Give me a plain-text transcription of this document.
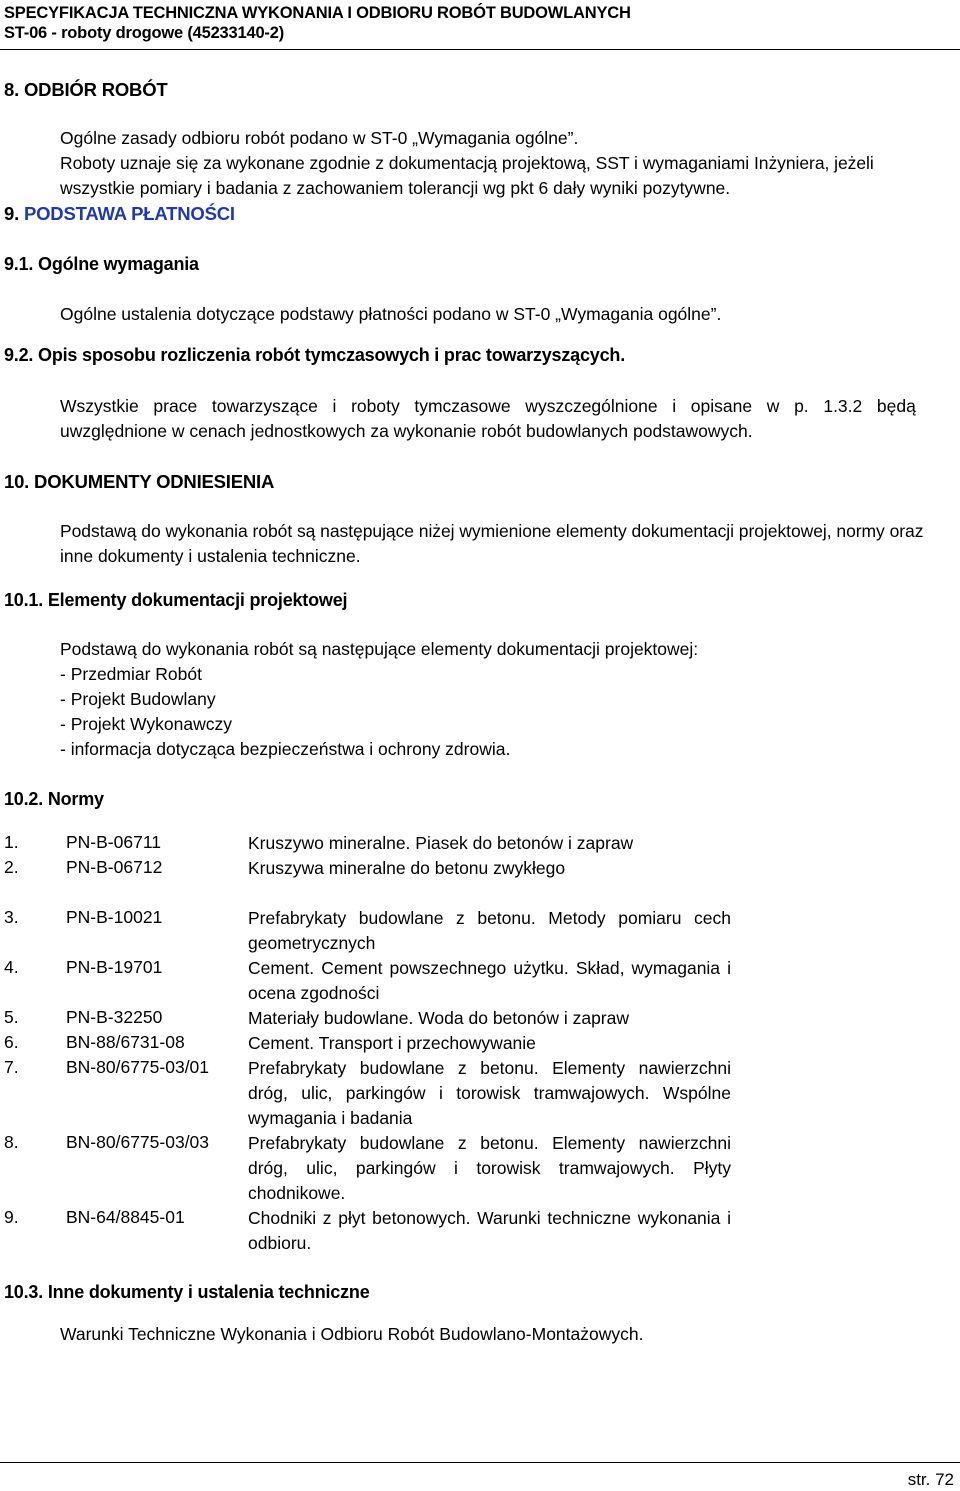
SPECYFIKACJA TECHNICZNA WYKONANIA I ODBIORU ROBÓT BUDOWLANYCH
ST-06 - roboty drogowe (45233140-2)
8. ODBIÓR ROBÓT
Ogólne zasady odbioru robót podano w ST-0 „Wymagania ogólne”.
Roboty uznaje się za wykonane zgodnie z dokumentacją projektową, SST i wymaganiami Inżyniera, jeżeli
wszystkie pomiary i badania z zachowaniem tolerancji wg pkt 6 dały wyniki pozytywne.
9. PODSTAWA PŁATNOŚCI
9.1. Ogólne wymagania
Ogólne ustalenia dotyczące podstawy płatności podano w ST-0 „Wymagania ogólne”.
9.2. Opis sposobu rozliczenia robót tymczasowych i prac towarzyszących.
Wszystkie prace towarzyszące i roboty tymczasowe wyszczególnione i opisane w p. 1.3.2 będą
uwzględnione w cenach jednostkowych za wykonanie robót budowlanych podstawowych.
10. DOKUMENTY ODNIESIENIA
Podstawą do wykonania robót są następujące niżej wymienione elementy dokumentacji projektowej, normy oraz
inne dokumenty i ustalenia techniczne.
10.1. Elementy dokumentacji projektowej
Podstawą do wykonania robót są następujące elementy dokumentacji projektowej:
- Przedmiar Robót
- Projekt Budowlany
- Projekt Wykonawczy
- informacja dotycząca bezpieczeństwa i ochrony zdrowia.
10.2. Normy
1.	PN-B-06711	Kruszywo mineralne. Piasek do betonów i zapraw
2.	PN-B-06712	Kruszywa mineralne do betonu zwykłego
3.	PN-B-10021	Prefabrykaty budowlane z betonu. Metody pomiaru cech geometrycznych
4.	PN-B-19701	Cement. Cement powszechnego użytku. Skład, wymagania i ocena zgodności
5.	PN-B-32250	Materiały budowlane. Woda do betonów i zapraw
6.	BN-88/6731-08	Cement. Transport i przechowywanie
7.	BN-80/6775-03/01 Prefabrykaty budowlane z betonu. Elementy nawierzchni dróg, ulic, parkingów i torowisk tramwajowych. Wspólne wymagania i badania
8.	BN-80/6775-03/03 Prefabrykaty budowlane z betonu. Elementy nawierzchni dróg, ulic, parkingów i torowisk tramwajowych. Płyty chodnikowe.
9.	BN-64/8845-01	Chodniki z płyt betonowych. Warunki techniczne wykonania i odbioru.
10.3. Inne dokumenty i ustalenia techniczne
Warunki Techniczne Wykonania i Odbioru Robót Budowlano-Montażowych.
str. 72
